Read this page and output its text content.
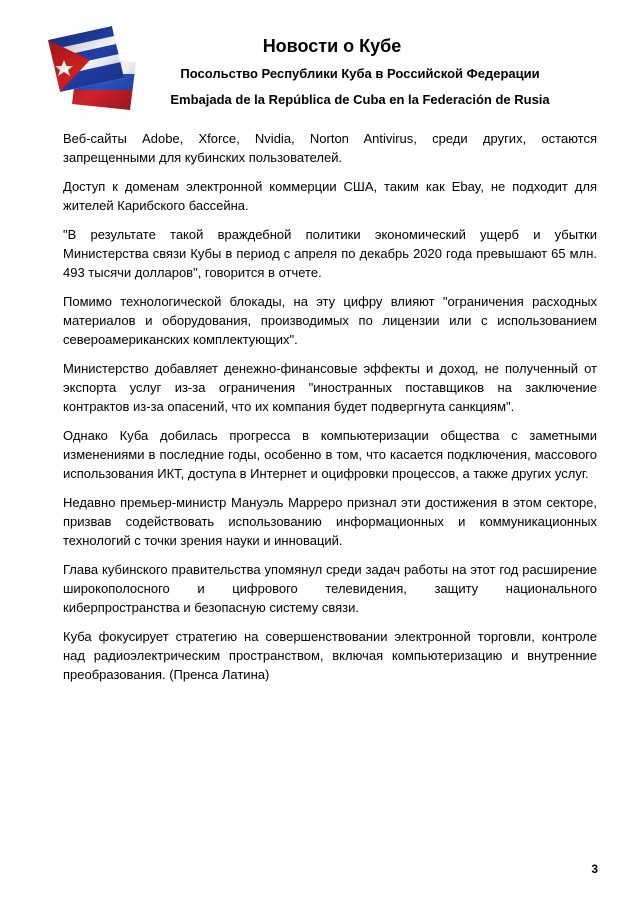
Новости о Кубе
Посольство Республики Куба в Российской Федерации
Embajada de la República de Cuba en la Federación de Rusia

Веб-сайты Adobe, Xforce, Nvidia, Norton Antivirus, среди других, остаются запрещенными для кубинских пользователей.

Доступ к доменам электронной коммерции США, таким как Ebay, не подходит для жителей Карибского бассейна.

"В результате такой враждебной политики экономический ущерб и убытки Министерства связи Кубы в период с апреля по декабрь 2020 года превышают 65 млн. 493 тысячи долларов", говорится в отчете.

Помимо технологической блокады, на эту цифру влияют "ограничения расходных материалов и оборудования, производимых по лицензии или с использованием североамериканских комплектующих".

Министерство добавляет денежно-финансовые эффекты и доход, не полученный от экспорта услуг из-за ограничения "иностранных поставщиков на заключение контрактов из-за опасений, что их компания будет подвергнута санкциям".

Однако Куба добилась прогресса в компьютеризации общества с заметными изменениями в последние годы, особенно в том, что касается подключения, массового использования ИКТ, доступа в Интернет и оцифровки процессов, а также других услуг.

Недавно премьер-министр Мануэль Марреро признал эти достижения в этом секторе, призвав содействовать использованию информационных и коммуникационных технологий с точки зрения науки и инноваций.

Глава кубинского правительства упомянул среди задач работы на этот год расширение широкополосного и цифрового телевидения, защиту национального киберпространства и безопасную систему связи.

Куба фокусирует стратегию на совершенствовании электронной торговли, контроле над радиоэлектрическим пространством, включая компьютеризацию и внутренние преобразования. (Пренса Латина)

3
